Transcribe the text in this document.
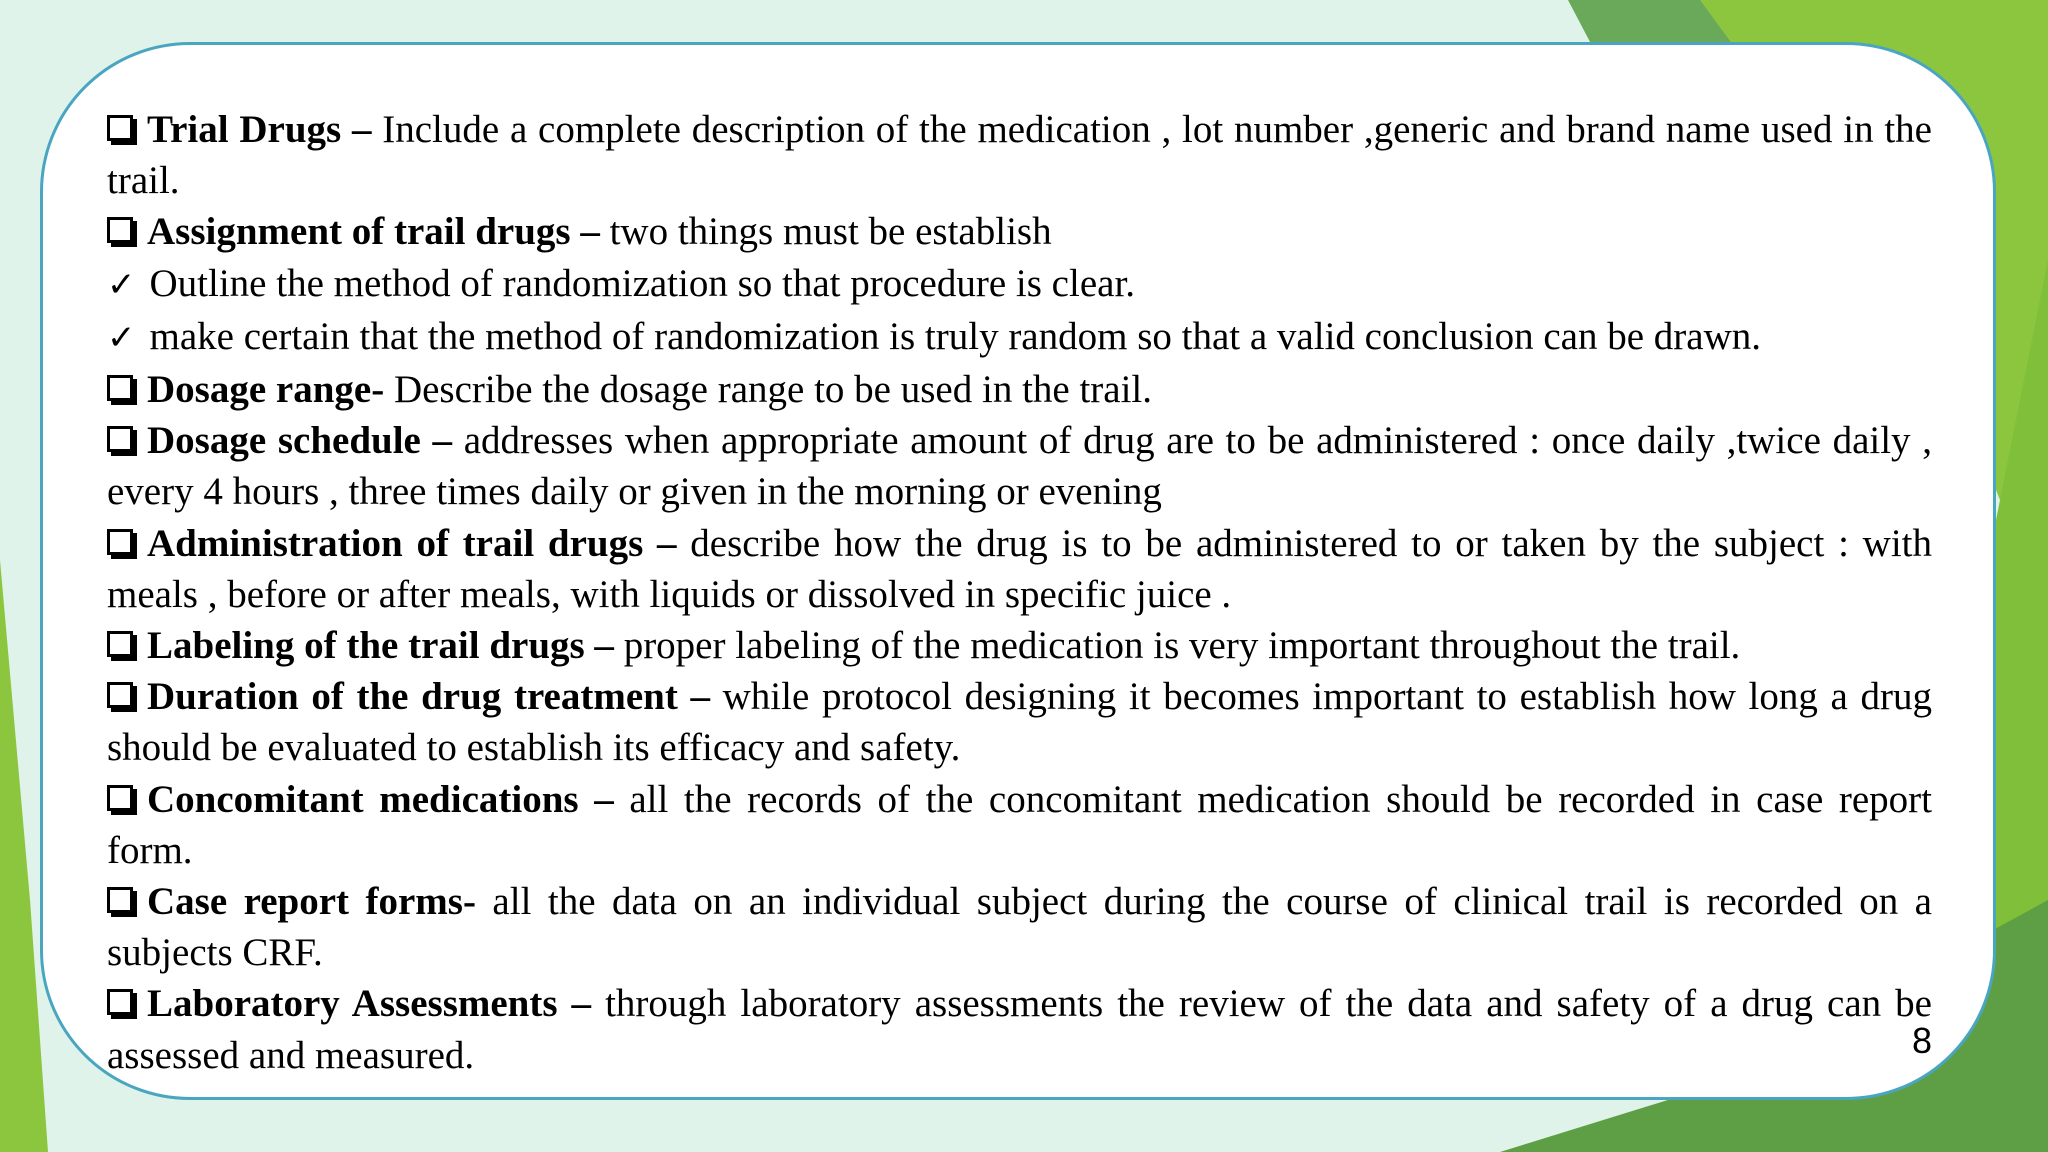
Trial Drugs – Include a complete description of the medication , lot number ,generic and brand name used in the trail.

Assignment of trail drugs – two things must be establish

✓ Outline the method of randomization so that procedure is clear.

✓ make certain that the method of randomization is truly random so that a valid conclusion can be drawn.

Dosage range- Describe the dosage range to be used in the trail.

Dosage schedule – addresses when appropriate amount of drug are to be administered : once daily ,twice daily , every 4 hours , three times daily or given in the morning or evening

Administration of trail drugs – describe how the drug is to be administered to or taken by the subject : with meals , before or after meals, with liquids or dissolved in specific juice .

Labeling of the trail drugs – proper labeling of the medication is very important throughout the trail.

Duration of the drug treatment – while protocol designing it becomes important to establish how long a drug should be evaluated to establish its efficacy and safety.

Concomitant medications – all the records of the concomitant medication should be recorded in case report form.

Case report forms- all the data on an individual subject during the course of clinical trail is recorded on a subjects CRF.

Laboratory Assessments – through laboratory assessments the review of the data and safety of a drug can be assessed and measured.	8
